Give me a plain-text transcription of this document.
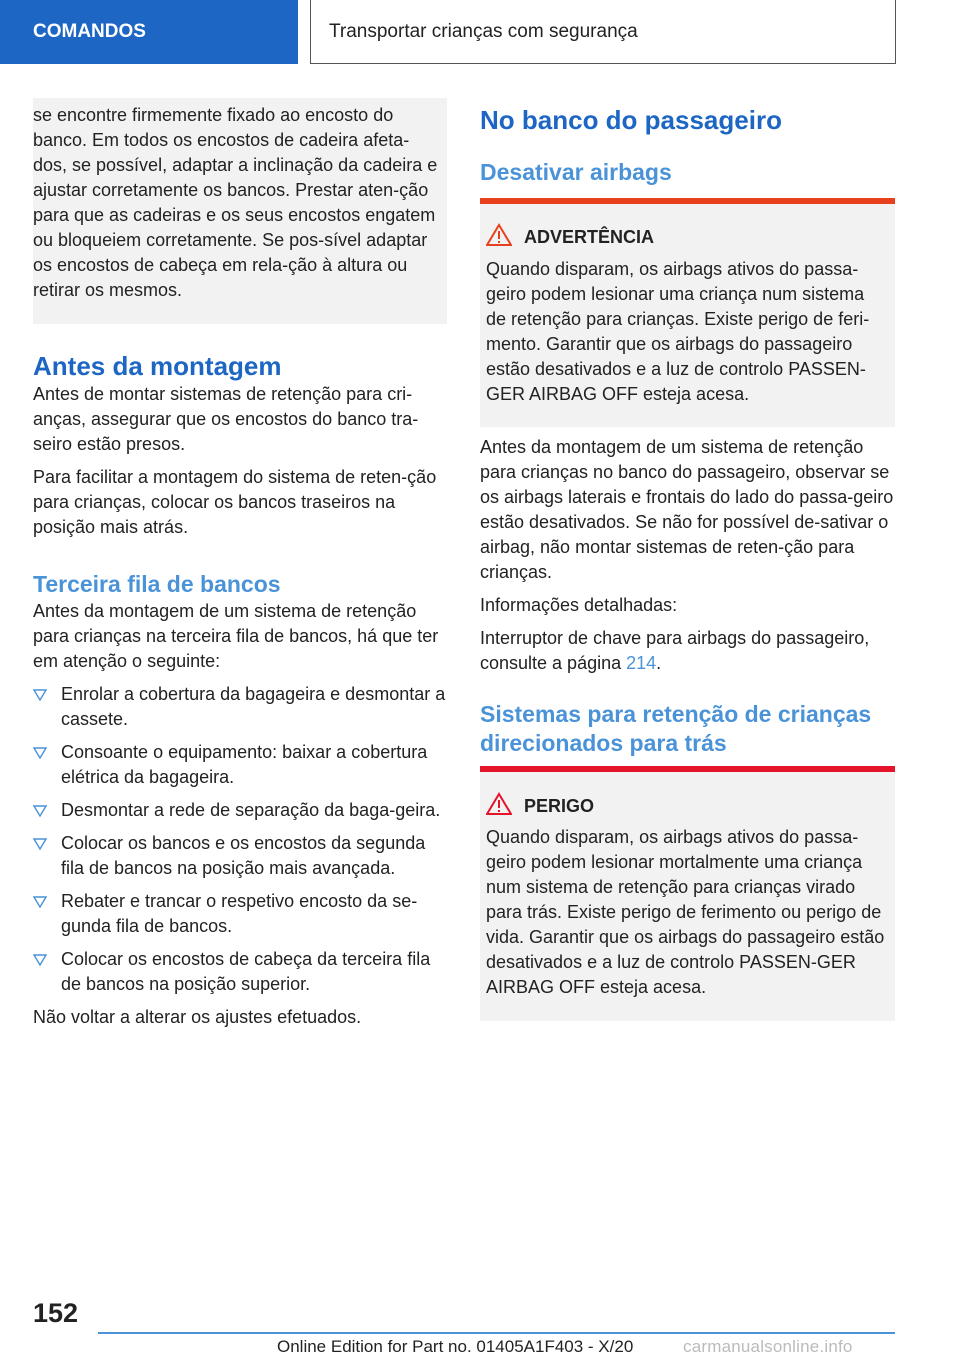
COMANDOS	Transportar crianças com segurança

se encontre firmemente fixado ao encosto do banco. Em todos os encostos de cadeira afeta-dos, se possível, adaptar a inclinação da cadeira e ajustar corretamente os bancos. Prestar aten-ção para que as cadeiras e os seus encostos engatem ou bloqueiem corretamente. Se pos-sível adaptar os encostos de cabeça em rela-ção à altura ou retirar os mesmos.

Antes da montagem

Antes de montar sistemas de retenção para cri-anças, assegurar que os encostos do banco tra-seiro estão presos.

Para facilitar a montagem do sistema de reten-ção para crianças, colocar os bancos traseiros na posição mais atrás.

Terceira fila de bancos

Antes da montagem de um sistema de retenção para crianças na terceira fila de bancos, há que ter em atenção o seguinte:

Enrolar a cobertura da bagageira e desmontar a cassete.
Consoante o equipamento: baixar a cobertura elétrica da bagageira.
Desmontar a rede de separação da baga-geira.
Colocar os bancos e os encostos da segunda fila de bancos na posição mais avançada.
Rebater e trancar o respetivo encosto da se-gunda fila de bancos.
Colocar os encostos de cabeça da terceira fila de bancos na posição superior.

Não voltar a alterar os ajustes efetuados.

No banco do passageiro
Desativar airbags
ADVERTÊNCIA
Quando disparam, os airbags ativos do passa-geiro podem lesionar uma criança num sistema de retenção para crianças. Existe perigo de feri-mento. Garantir que os airbags do passageiro estão desativados e a luz de controlo PASSEN-GER AIRBAG OFF esteja acesa.

Antes da montagem de um sistema de retenção para crianças no banco do passageiro, observar se os airbags laterais e frontais do lado do passa-geiro estão desativados. Se não for possível de-sativar o airbag, não montar sistemas de reten-ção para crianças.

Informações detalhadas:

Interruptor de chave para airbags do passageiro, consulte a página 214.

Sistemas para retenção de crianças direcionados para trás
PERIGO
Quando disparam, os airbags ativos do passa-geiro podem lesionar mortalmente uma criança num sistema de retenção para crianças virado para trás. Existe perigo de ferimento ou perigo de vida. Garantir que os airbags do passageiro estão desativados e a luz de controlo PASSEN-GER AIRBAG OFF esteja acesa.
152
Online Edition for Part no. 01405A1F403 - X/20	carmanualsonline.info
